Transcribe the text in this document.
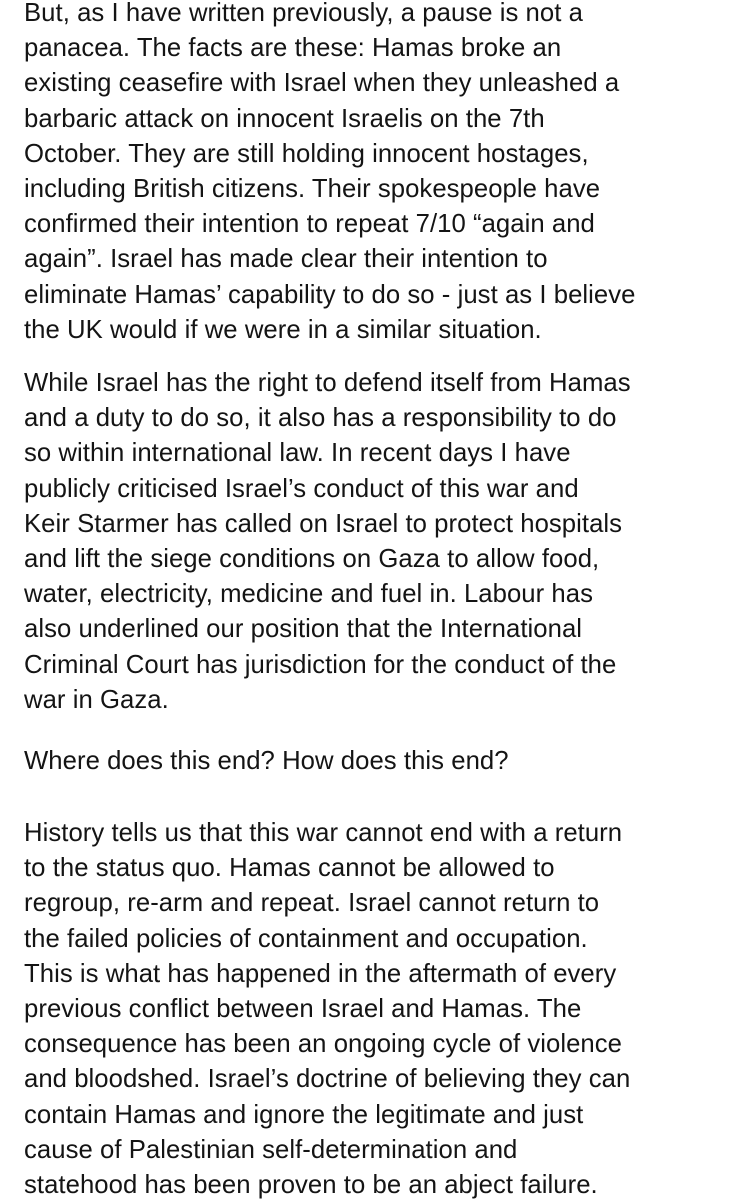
But, as I have written previously, a pause is not a
panacea. The facts are these: Hamas broke an
existing ceasefire with Israel when they unleashed a
barbaric attack on innocent Israelis on the 7th
October. They are still holding innocent hostages,
including British citizens. Their spokespeople have
confirmed their intention to repeat 7/10 “again and
again”. Israel has made clear their intention to
eliminate Hamas’ capability to do so - just as I believe
the UK would if we were in a similar situation.
While Israel has the right to defend itself from Hamas
and a duty to do so, it also has a responsibility to do
so within international law. In recent days I have
publicly criticised Israel’s conduct of this war and
Keir Starmer has called on Israel to protect hospitals
and lift the siege conditions on Gaza to allow food,
water, electricity, medicine and fuel in. Labour has
also underlined our position that the International
Criminal Court has jurisdiction for the conduct of the
war in Gaza.
Where does this end? How does this end?
History tells us that this war cannot end with a return
to the status quo. Hamas cannot be allowed to
regroup, re-arm and repeat. Israel cannot return to
the failed policies of containment and occupation.
This is what has happened in the aftermath of every
previous conflict between Israel and Hamas. The
consequence has been an ongoing cycle of violence
and bloodshed. Israel’s doctrine of believing they can
contain Hamas and ignore the legitimate and just
cause of Palestinian self-determination and
statehood has been proven to be an abject failure.
